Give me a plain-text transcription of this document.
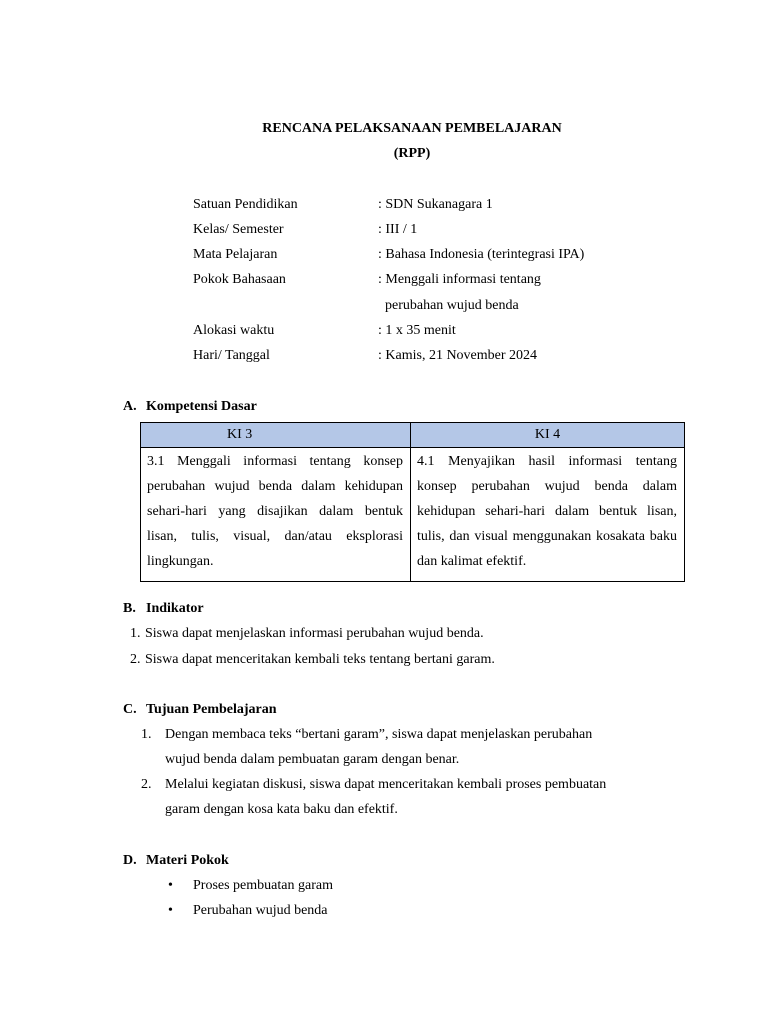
RENCANA PELAKSANAAN PEMBELAJARAN
(RPP)
Satuan Pendidikan	: SDN Sukanagara 1
Kelas/ Semester	: III / 1
Mata Pelajaran	: Bahasa Indonesia (terintegrasi IPA)
Pokok Bahasaan	: Menggali informasi tentang
perubahan wujud benda
Alokasi waktu	: 1 x 35 menit
Hari/ Tanggal	: Kamis, 21 November 2024
A. Kompetensi Dasar
KI 3	KI 4
3.1 Menggali informasi tentang konsep perubahan wujud benda dalam kehidupan sehari-hari yang disajikan dalam bentuk lisan, tulis, visual, dan/atau eksplorasi lingkungan.	4.1 Menyajikan hasil informasi tentang konsep perubahan wujud benda dalam kehidupan sehari-hari dalam bentuk lisan, tulis, dan visual menggunakan kosakata baku dan kalimat efektif.
B. Indikator
1. Siswa dapat menjelaskan informasi perubahan wujud benda.
2. Siswa dapat menceritakan kembali teks tentang bertani garam.
C. Tujuan Pembelajaran
1. Dengan membaca teks “bertani garam”, siswa dapat menjelaskan perubahan
wujud benda dalam pembuatan garam dengan benar.
2. Melalui kegiatan diskusi, siswa dapat menceritakan kembali proses pembuatan
garam dengan kosa kata baku dan efektif.
D. Materi Pokok
• Proses pembuatan garam
• Perubahan wujud benda
